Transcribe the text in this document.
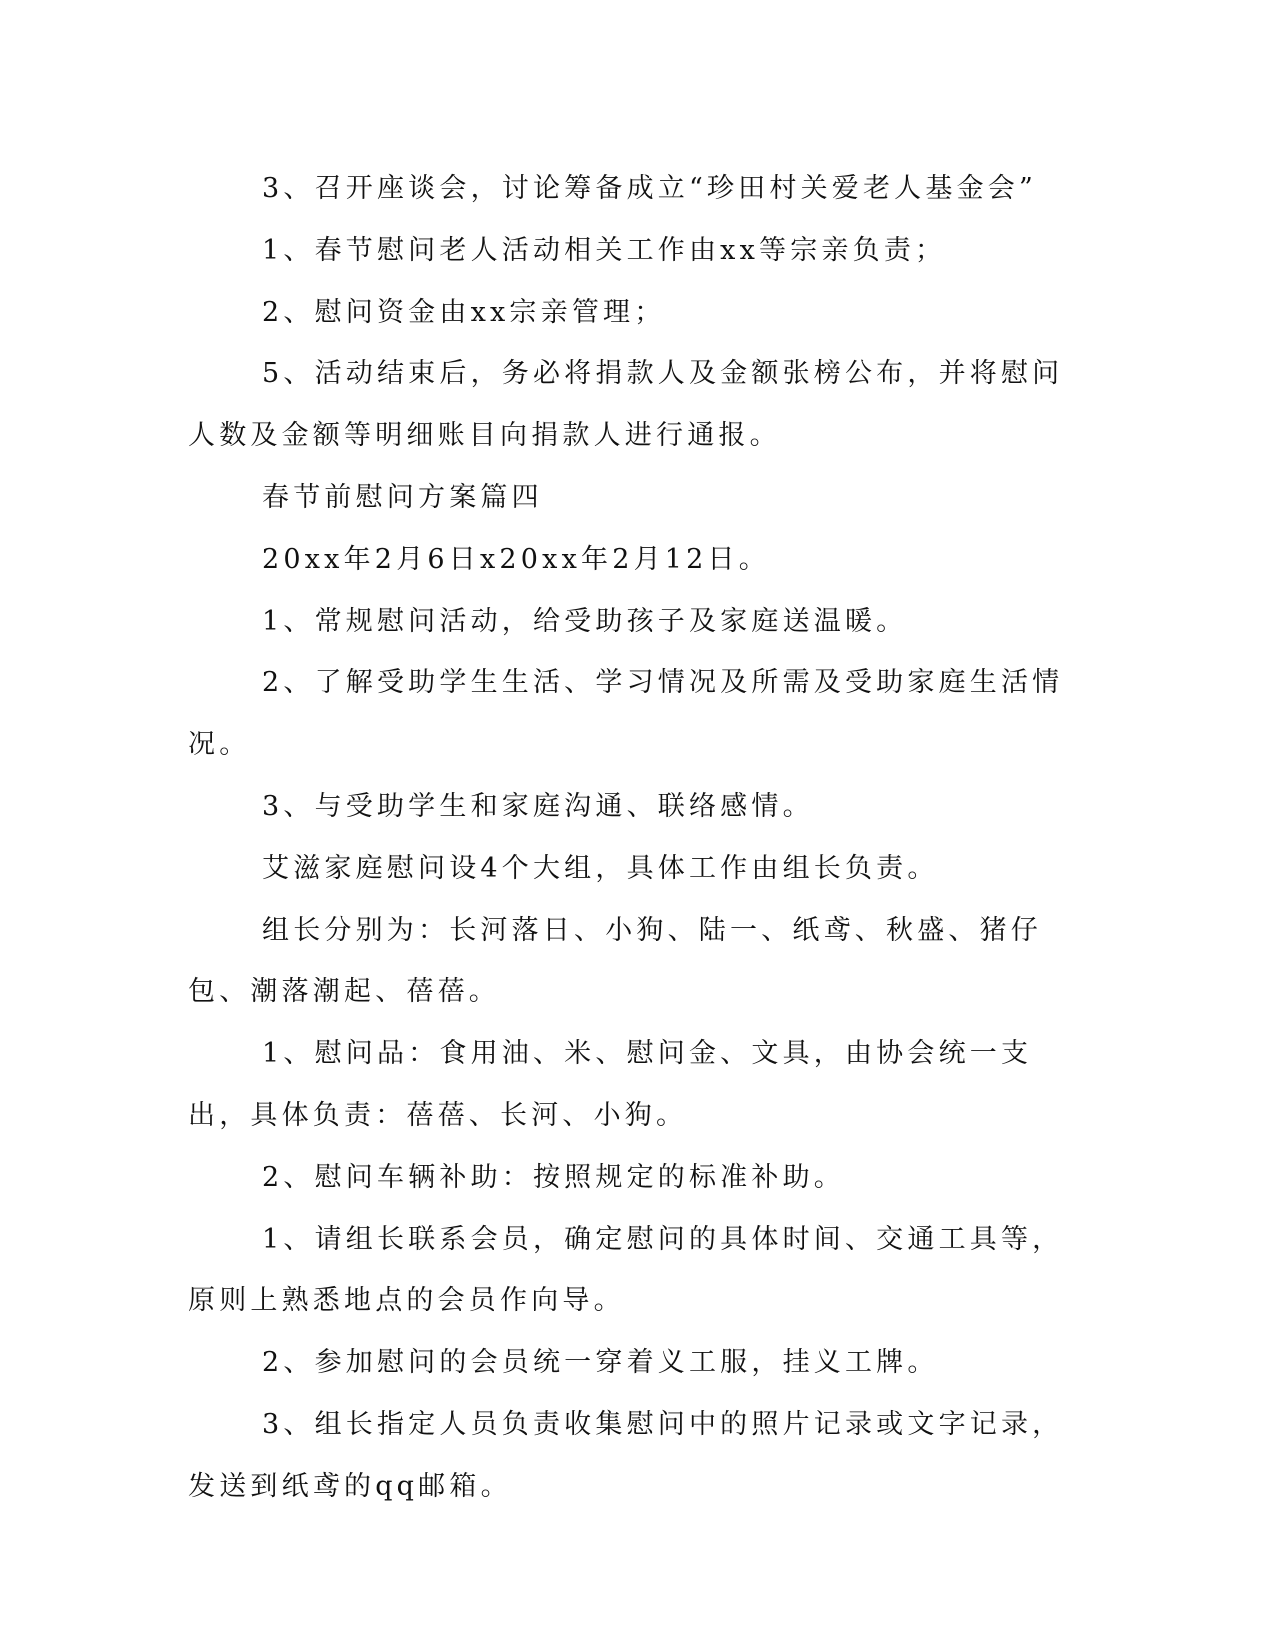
3、召开座谈会，讨论筹备成立“珍田村关爱老人基金会”

1、春节慰问老人活动相关工作由xx等宗亲负责；

2、慰问资金由xx宗亲管理；

5、活动结束后，务必将捐款人及金额张榜公布，并将慰问人数及金额等明细账目向捐款人进行通报。

春节前慰问方案篇四

20xx年2月6日x20xx年2月12日。

1、常规慰问活动，给受助孩子及家庭送温暖。

2、了解受助学生生活、学习情况及所需及受助家庭生活情况。

3、与受助学生和家庭沟通、联络感情。

艾滋家庭慰问设4个大组，具体工作由组长负责。

组长分别为：长河落日、小狗、陆一、纸鸢、秋盛、猪仔包、潮落潮起、蓓蓓。

1、慰问品：食用油、米、慰问金、文具，由协会统一支出，具体负责：蓓蓓、长河、小狗。

2、慰问车辆补助：按照规定的标准补助。

1、请组长联系会员，确定慰问的具体时间、交通工具等，原则上熟悉地点的会员作向导。

2、参加慰问的会员统一穿着义工服，挂义工牌。

3、组长指定人员负责收集慰问中的照片记录或文字记录，发送到纸鸢的qq邮箱。
